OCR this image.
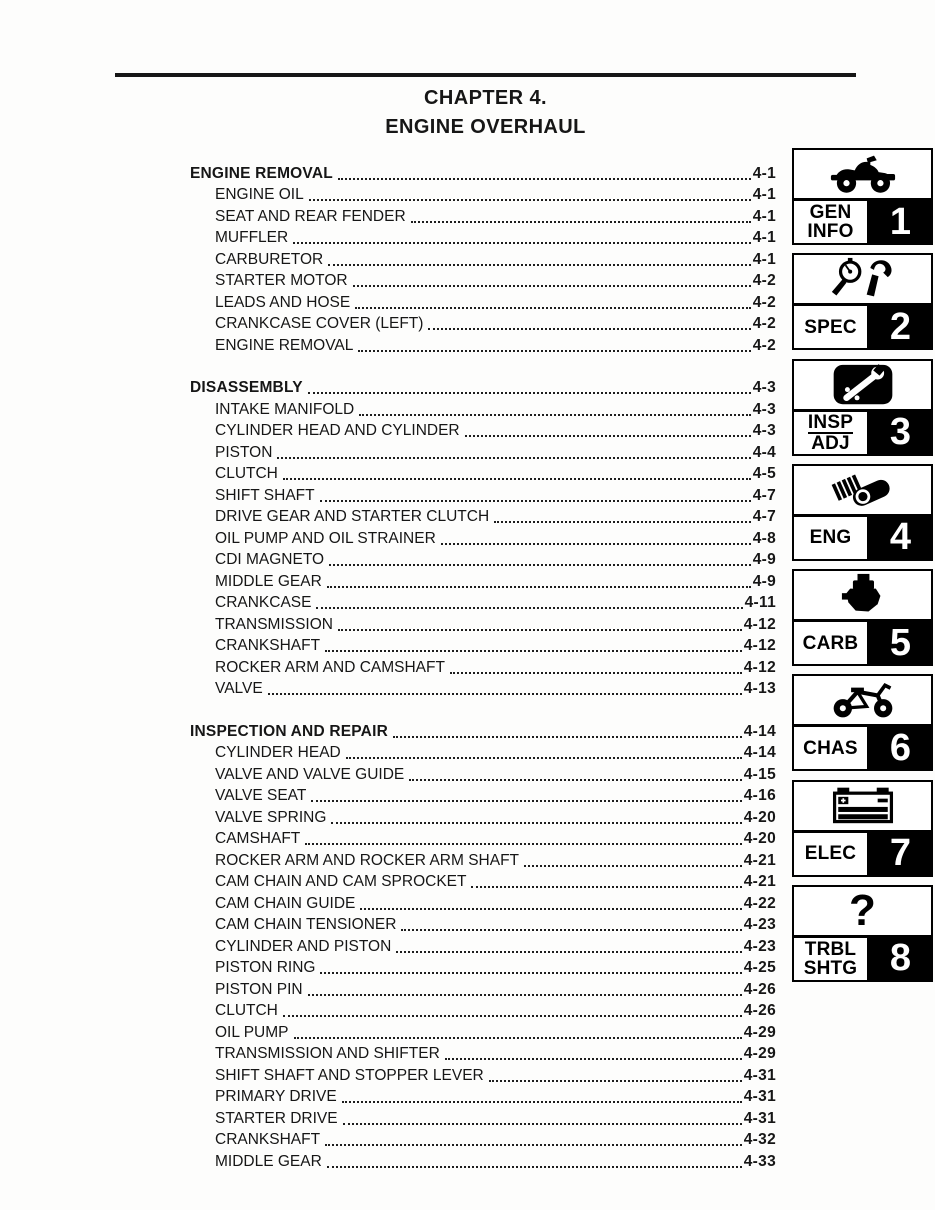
CHAPTER 4.
ENGINE OVERHAUL
ENGINE REMOVAL	4-1
ENGINE OIL	4-1
SEAT AND REAR FENDER	4-1
MUFFLER	4-1
CARBURETOR	4-1
STARTER MOTOR	4-2
LEADS AND HOSE	4-2
CRANKCASE COVER (LEFT)	4-2
ENGINE REMOVAL	4-2
DISASSEMBLY	4-3
INTAKE MANIFOLD	4-3
CYLINDER HEAD AND CYLINDER	4-3
PISTON	4-4
CLUTCH	4-5
SHIFT SHAFT	4-7
DRIVE GEAR AND STARTER CLUTCH	4-7
OIL PUMP AND OIL STRAINER	4-8
CDI MAGNETO	4-9
MIDDLE GEAR	4-9
CRANKCASE	4-11
TRANSMISSION	4-12
CRANKSHAFT	4-12
ROCKER ARM AND CAMSHAFT	4-12
VALVE	4-13
INSPECTION AND REPAIR	4-14
CYLINDER HEAD	4-14
VALVE AND VALVE GUIDE	4-15
VALVE SEAT	4-16
VALVE SPRING	4-20
CAMSHAFT	4-20
ROCKER ARM AND ROCKER ARM SHAFT	4-21
CAM CHAIN AND CAM SPROCKET	4-21
CAM CHAIN GUIDE	4-22
CAM CHAIN TENSIONER	4-23
CYLINDER AND PISTON	4-23
PISTON RING	4-25
PISTON PIN	4-26
CLUTCH	4-26
OIL PUMP	4-29
TRANSMISSION AND SHIFTER	4-29
SHIFT SHAFT AND STOPPER LEVER	4-31
PRIMARY DRIVE	4-31
STARTER DRIVE	4-31
CRANKSHAFT	4-32
MIDDLE GEAR	4-33
GEN
INFO 1
SPEC 2
INSP
ADJ	3
ENG	4
CARB 5
CHAS 6
ELEC 7
?
TRBL
SHTG 8
